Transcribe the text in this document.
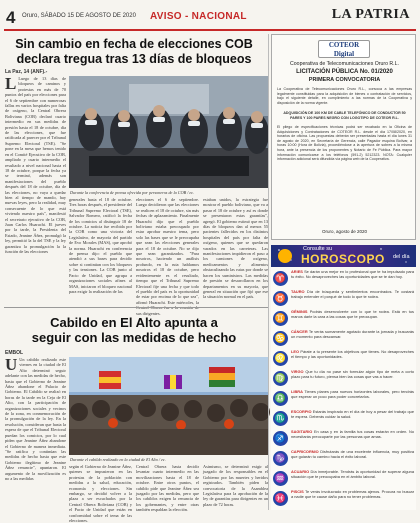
4 Oruro, SÁBADO 15 DE AGOSTO DE 2020 AVISO - NACIONAL	LA PATRIA
Sin cambio en fecha de elecciones COB
declara tregua tras 13 días de bloqueos
La Paz, 14 (ANF).-
L Luego de 13 días de bloqueos de caminos y protestas en más de 70 puntos del país por elecciones para el 6 de septiembre con numerosas fallas en varios hospitales por falta de oxígeno, la Central Obrera Boliviana (COB) declaró cuarto intermedio en sus medidas de presión hasta el 18 de octubre, día de las elecciones, que fue ratificada al parecer por el Tribunal Supremo Electoral (TSE). "Se pone en la mesa que hemos tenido en el Comité Ejecutivo de la COB, ampliado y cuarto intermedio el resultado a nivel nacional hasta el 18 de octubre, porque la fecha ya se terminó, además son manifestaciones del pueblo después del 18 de octubre, día de las elecciones, no vaya a quedar bien al tiempo de mando, hay nuevas leyes, pero la realidad, muy consecuente de lo que está viviendo nuestro país", manifestó el secretario ejecutivo de la COB, Juan Carlos Huarachi. El jueves por la tarde, la Presidenta del Estado, Jeanine Áñez, promulgó la ley, permitió la la del TSE y la ley garantiza la promulgación la la función de las elecciones
Durante la conferencia de prensa ofrecida por personeros de la COB / ec.
generales hasta el 18 de octubre. Tres horas después, el presidente del Tribunal Supremo Electoral (TSE), Salvador Romero, ratificó la fecha de los comicios al distinguir 18 de octubre. La noticia fue recibida por la COB como una victoria del Legislativo, de mayoría del partido de Evo Morales (MAS), que aprobó la norma. Huarachi en conferencia de prensa dijo: el pueblo que atendió a sus bases para decidir sobre si continúan con los bloqueos y las tensiones. La COB junto al Pacto de Unidad, que agrupa a organizaciones sociales afines al MAS, iniciaron el bloqueo nacional para exigir la realización de las
elecciones el 6 de septiembre. Luego decidieron que las elecciones se realicen el 18 de octubre, sin más fechas de aplazamiento. Finalmente Huarachi dijo que el pueblo boliviano estaba preocupado por estar aprobar nuestro tema, pero solo las bases que se le preocupaba que sean las elecciones generales para el 18 de octubre. No se dijo que sean garantizados. "Para nosotros, haciendo un análisis profundo, en la ruta hablamos nosotros el 18 de octubre, pero evidentemente es el resultado, tiempo que el Tribunal Supremo Electoral fije una fecha y que todo el pueblo del país es la oportunidad de estar por encima de lo que sea", afirmó Huarachi. Este miércoles, la sus dirigentes.
estaban unidos, la estrategia fue mostrar el pueblo boliviano, que va a pasar el 18 de octubre y así es donde se presentaron estas garantías", agregó. El gobierno estimó que en 13 días de bloqueos dan al menos 55 pacientes fallecidos en los distintos hospitales del país por falta de oxígeno, quienes que se quedaron varados en las carreteras. Las manifestaciones impidieron el paso a los camiones de oxígeno, medicamentos y alimentos obstaculizando las rutas por donde se hacen los suministros. Las medidas de presión se desarrollaron en los departamentos en su mayoría, que general en situación que fijó que ese la situación normal en el país.
Cabildo en El Alto apunta a
seguir con las medidas de hecho
EMBOL
U Un cabildo realizado este viernes en la ciudad de El Alto determinó seguir adelante con las medidas de hecho, hasta que el Gobierno de Jeanine Áñez abandone el Palacio de Gobierno. El Cabildo se realizó en horas de la tarde en la Ceja de El Alto, con la participación de organizaciones sociales y vecinos de la zona, en conmemoración de la promulgación de la ley. En la resolución, consideran que hasta la espera de que el Tribunal Electoral puedan los comicios, por lo cual piden que Jeanine Áñez abandone el Gobierno de manera inmediata. "Se ratifica y continúan las medidas de hecho hasta que este Gobierno ilegítimo de Jeanine Áñez renuncie", apuntaron. El argumento de la movilización es no a las medidas
Durante el cabildo realizado en la ciudad de El Alto / ec.
según el Gobierno de Jeanine Áñez, quienes se impusieron en las protestas de la población con medidas a la salud, educación, economía y elecciones. Sin embargo, se decidió volver a la plaza a ser escuchados por la Central Obrera Boliviana (COB) y el Pacto de Unidad que están en conformidad sobre el tema de las elecciones.
Central Obrera hasta decidir levantar cuarto intermedio en las movilizaciones hasta el 18 de octubre. Entre otros puntos, el cabildo pide que Jeanine Áñez sea juzgado por las medidas, pero que los cabildos exigen la renuncia de los gobernantes, y entre otras también respaldan la elección.
Asimismo, se determinó exigir al juzgado de los responsables en el Gobierno por las muertes y heridos registrados. También piden la convocatoria de la Asamblea Legislativa para la aprobación de la ley de garantías para dirigentes en un plazo de 72 horas.
COTEOR Digital
Cooperativa de Telecomunicaciones Oruro R.L.
LICITACIÓN PÚBLICA No. 01/2020
PRIMERA CONVOCATORIA
La Cooperativa de Telecomunicaciones Oruro R.L., convoca a las empresas legalmente constituidas para la adquisición de bienes o contratación de servicios, bajo el siguiente detalle, en cumplimiento a las normas de la Cooperativa y disposición de la norma vigente.
ADQUISICIÓN DE 100 KM DE CABLE TELEFÓNICO DE CONDUCTOR 50 PARES Y 100 PARES NEGRO CON LOGOTIPO DE COTEOR R.L.
El pliego de especificaciones técnicas podrá ser recabado en la Oficina de Adquisiciones y Contrataciones de COTEOR R.L. desde el día 17/08/2020, en horarios de oficina. Las propuestas deberán ser presentadas hasta el día lunes 31 de agosto de 2020, en Secretaría de Gerencia, calle Pagador esquina Bolívar, a horas 10:00 (Hora de Bolivia), procediéndose a la apertura de sobres a la misma hora, ante la presencia de los proponentes y Notario de Fe Pública. Para mayor información comunicarse a los teléfonos (591-2) 5212323. NOTA: Cualquier información adicional será difundida vía página web de la Cooperativa.
Oruro, agosto de 2020
Consulte su
HOROSCOPO del día
♈
ARIES Se darán una mejor en lo profesional que te ha impulsado para tu éxito. No desaproveches las oportunidades que se te dan hoy.
♉
TAURO Día de búsqueda y sentimientos encontrados. Te costará trabajo entender el porqué de todo lo que te rodea.
♊
GÉMINIS Podrás desenvolverte con lo que te rodea. Está en tus manos darle la cara a las cosas que te preocupan.
♋
CÁNCER Te verás sumamente agotado durante la jornada y buscarás un momento para descansar.
♌
LEO Párate a tu presente los objetivos que tienes. No desaproveches el tiempo y las oportunidades.
♍
VIRGO Que tu día no pase sin formular algún tipo de meta a corto plazo para tu futuro, piensa bien las cosas que vas a hacer.
♎
LIBRA Tienes planes para nuevos horizontes laborales, pero tendrás que esperar un poco para poder concretarlos.
♏
ESCORPIO Estarás inspirado en el día de hoy a pesar del trabajo que te espera. Deberás cuidar la salud.
♐
SAGITARIO En casa y en la familia tus cosas estarán en orden. No necesitarás preocuparte por las personas que amas.
♑
CAPRICORNIO Disfrutarás de una excelente influencia, muy positiva que guiarán tu camino hacia el éxito laboral.
♒
ACUARIO Día inmejorable. Tendrás la oportunidad de superar alguna situación que te preocupaba en el ámbito laboral.
♓
PISCIS Te verás involucrado en problemas ajenos. Procura no buscar a nadie que te cause daño para no tener problemas.
